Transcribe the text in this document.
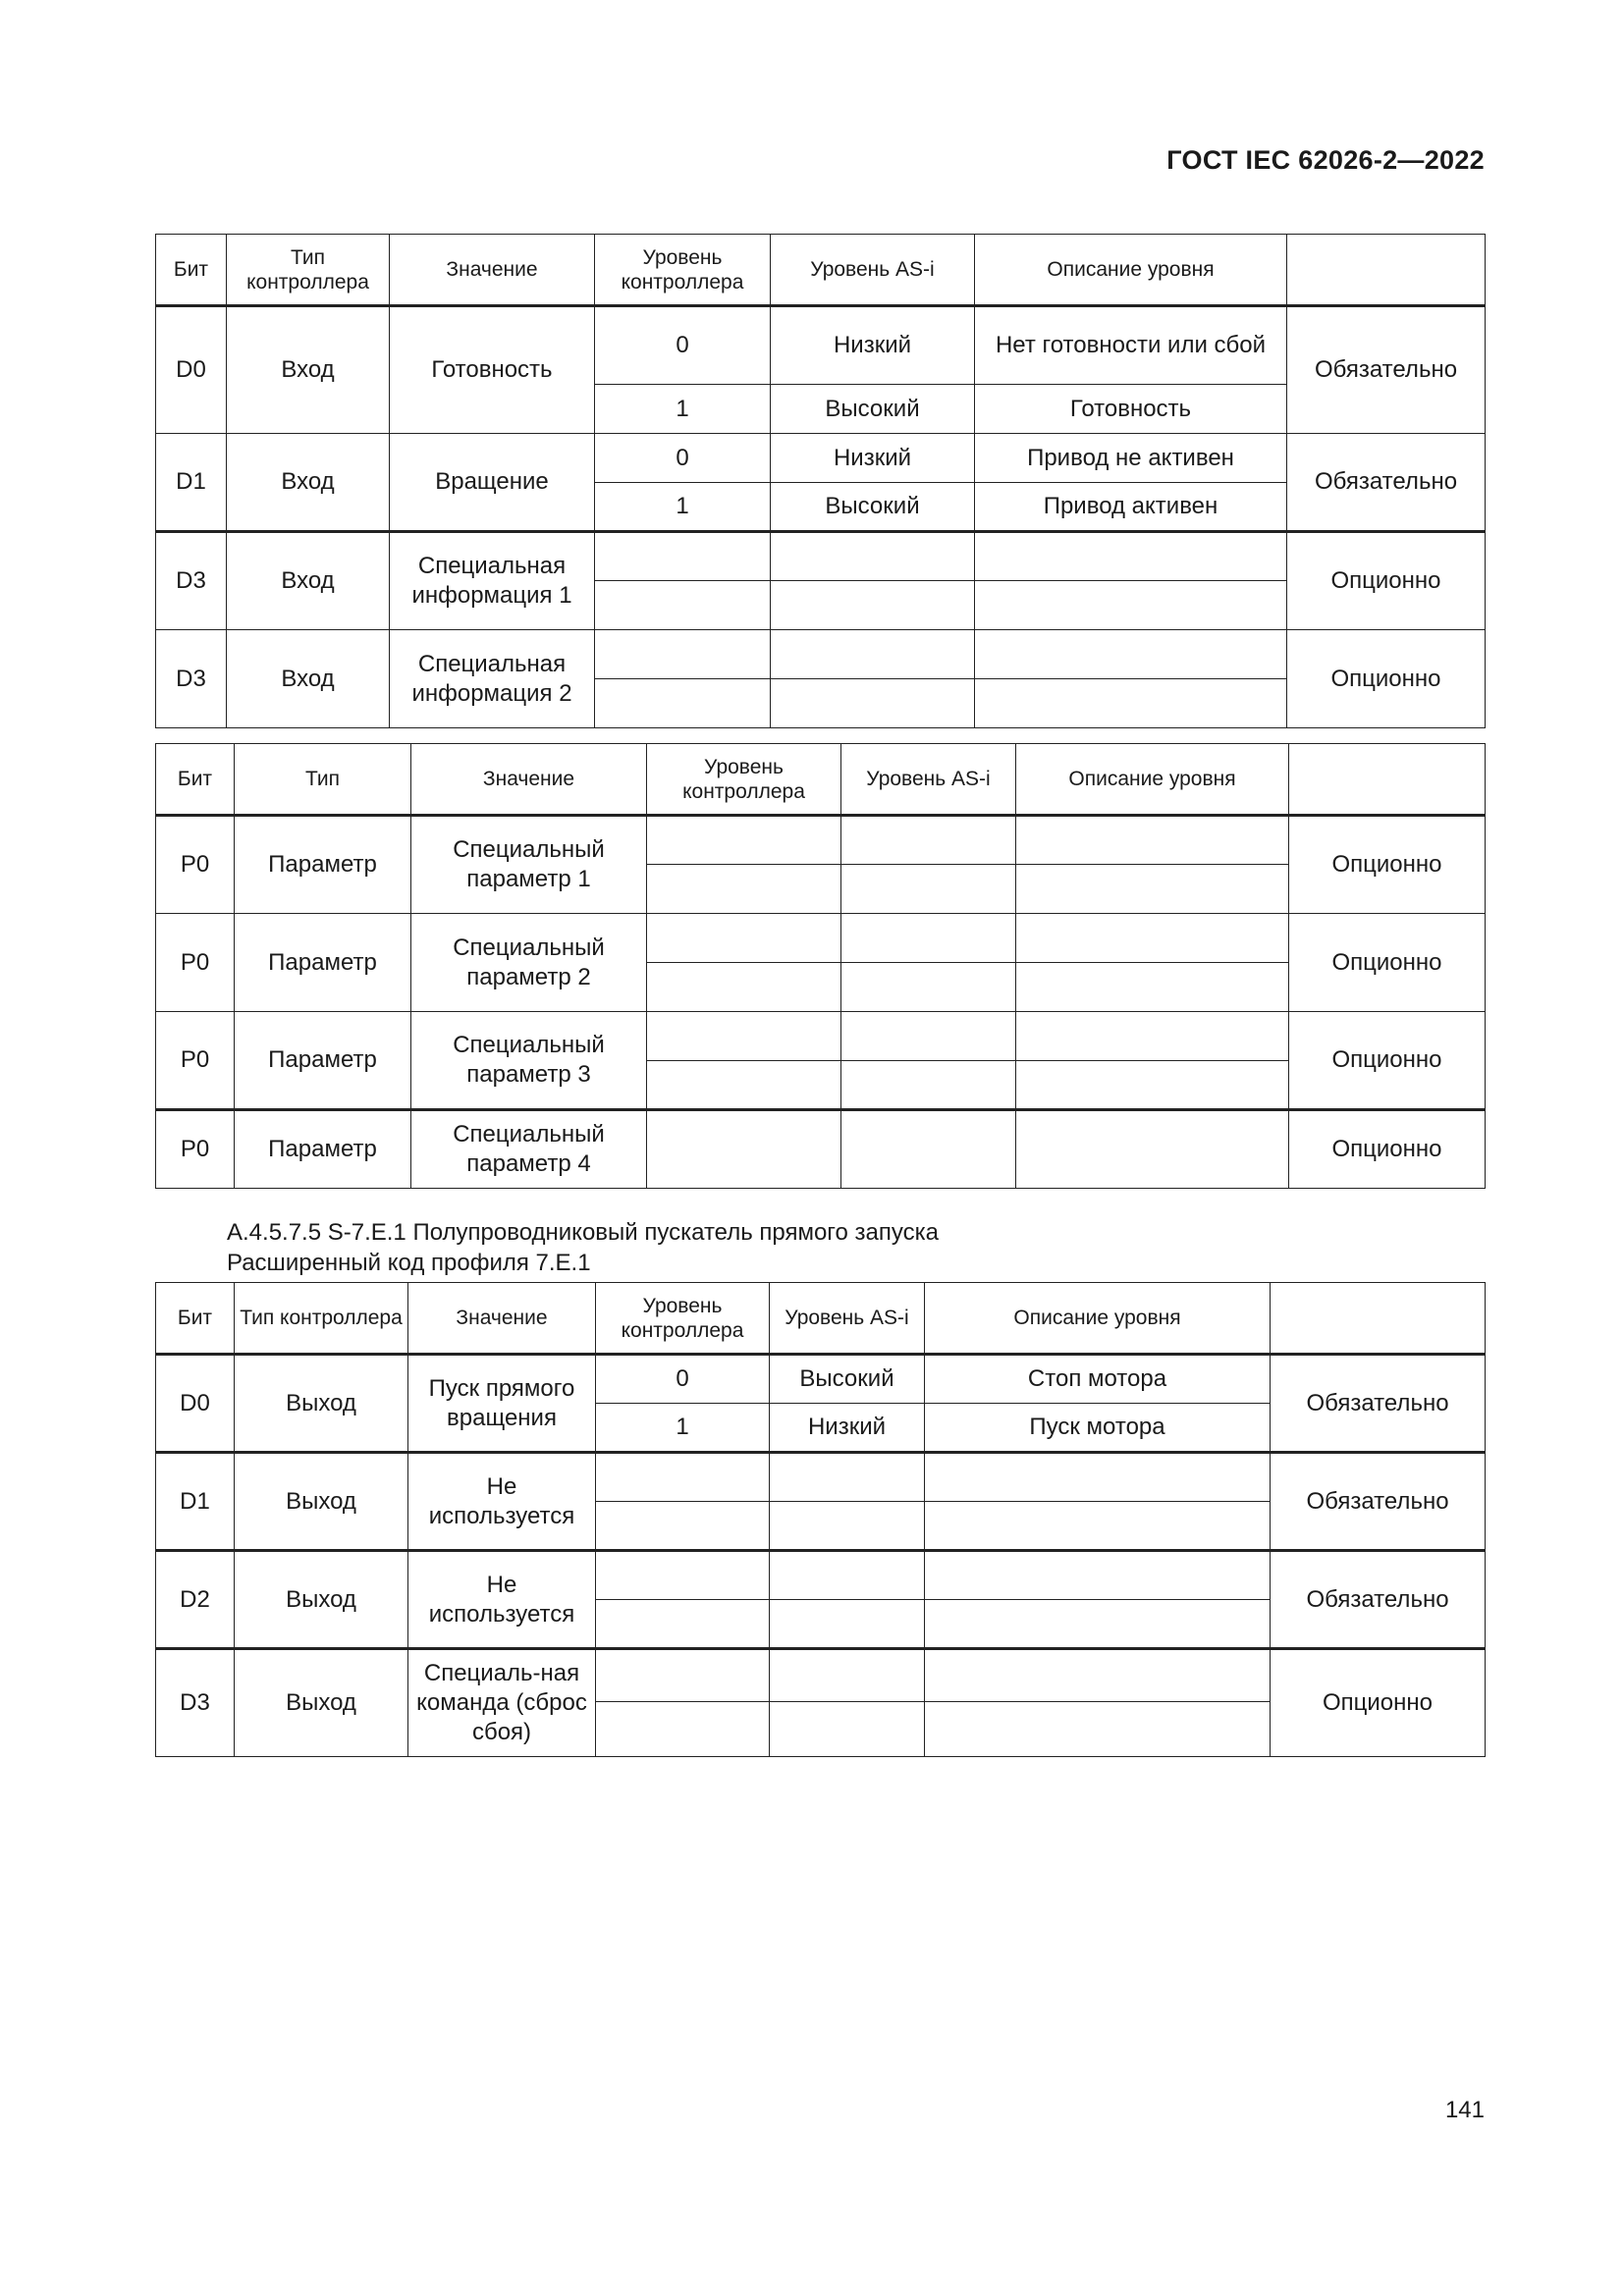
ГОСТ IEC 62026-2—2022
Бит	Тип контроллера	Значение	Уровень контроллера	Уровень AS-i	Описание уровня	
D0	Вход	Готовность	0	Низкий	Нет готовности или сбой	Обязательно
			1	Высокий	Готовность	
D1	Вход	Вращение	0	Низкий	Привод не активен	Обязательно
			1	Высокий	Привод активен	
D3	Вход	Специальная информация 1				Опционно

D3	Вход	Специальная информация 2				Опционно

Бит	Тип	Значение	Уровень контроллера	Уровень AS-i	Описание уровня	
P0	Параметр	Специальный параметр 1				Опционно

P0	Параметр	Специальный параметр 2				Опционно

P0	Параметр	Специальный параметр 3				Опционно

P0	Параметр	Специальный параметр 4				Опционно
А.4.5.7.5 S-7.E.1 Полупроводниковый пускатель прямого запуска
Расширенный код профиля 7.E.1
Бит	Тип контроллера	Значение	Уровень контроллера	Уровень AS-i	Описание уровня	
D0	Выход	Пуск прямого вращения	0	Высокий	Стоп мотора	Обязательно
			1	Низкий	Пуск мотора	
D1	Выход	Не используется				Обязательно

D2	Выход	Не используется				Обязательно

D3	Выход	Специаль-ная команда (сброс сбоя)				Опционно

141
